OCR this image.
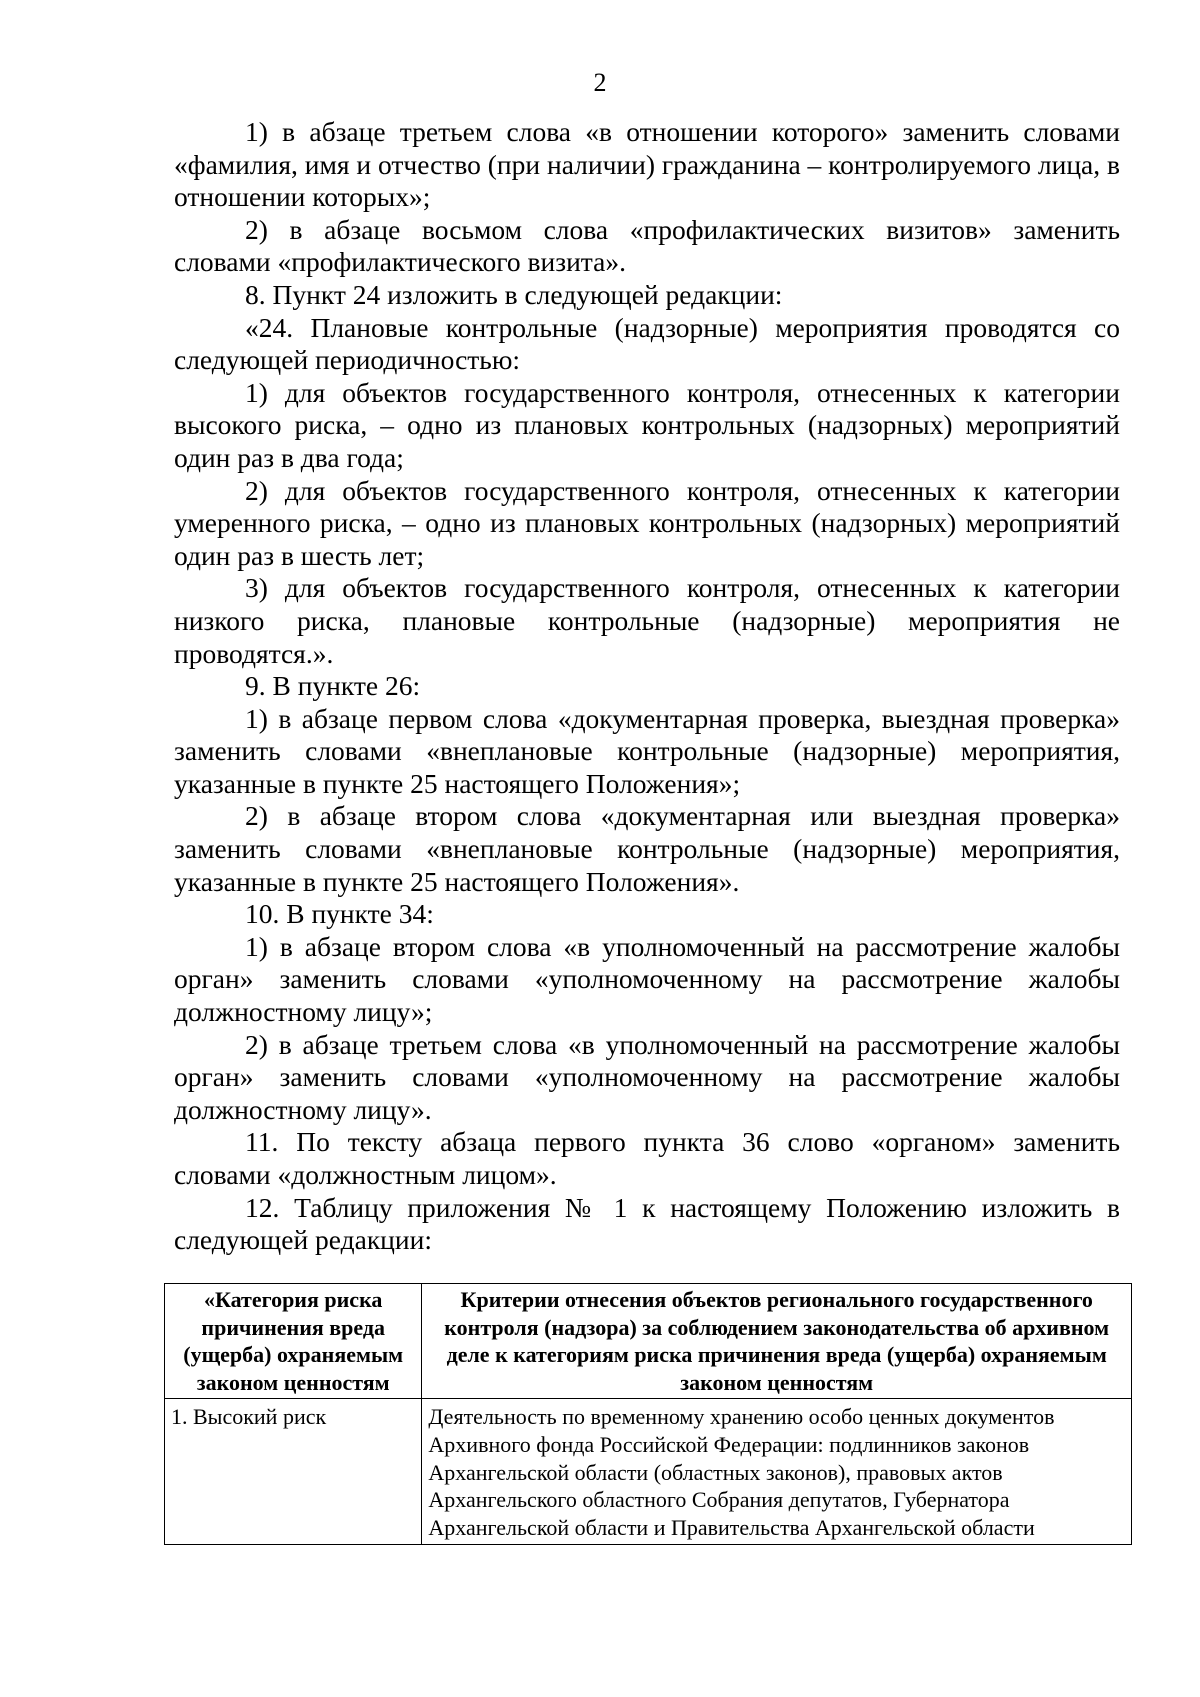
2

1) в абзаце третьем слова «в отношении которого» заменить словами «фамилия, имя и отчество (при наличии) гражданина – контролируемого лица, в отношении которых»;

2) в абзаце восьмом слова «профилактических визитов» заменить словами «профилактического визита».

8. Пункт 24 изложить в следующей редакции:

«24. Плановые контрольные (надзорные) мероприятия проводятся со следующей периодичностью:

1) для объектов государственного контроля, отнесенных к категории высокого риска, – одно из плановых контрольных (надзорных) мероприятий один раз в два года;

2) для объектов государственного контроля, отнесенных к категории умеренного риска, – одно из плановых контрольных (надзорных) мероприятий один раз в шесть лет;

3) для объектов государственного контроля, отнесенных к категории низкого риска, плановые контрольные (надзорные) мероприятия не проводятся.».

9. В пункте 26:

1) в абзаце первом слова «документарная проверка, выездная проверка» заменить словами «внеплановые контрольные (надзорные) мероприятия, указанные в пункте 25 настоящего Положения»;

2) в абзаце втором слова «документарная или выездная проверка» заменить словами «внеплановые контрольные (надзорные) мероприятия, указанные в пункте 25 настоящего Положения».

10. В пункте 34:

1) в абзаце втором слова «в уполномоченный на рассмотрение жалобы орган» заменить словами «уполномоченному на рассмотрение жалобы должностному лицу»;

2) в абзаце третьем слова «в уполномоченный на рассмотрение жалобы орган» заменить словами «уполномоченному на рассмотрение жалобы должностному лицу».

11. По тексту абзаца первого пункта 36 слово «органом» заменить словами «должностным лицом».

12. Таблицу приложения № 1 к настоящему Положению изложить в следующей редакции:

«Категория риска причинения вреда (ущерба) охраняемым законом ценностям	Критерии отнесения объектов регионального государственного контроля (надзора) за соблюдением законодательства об архивном деле к категориям риска причинения вреда (ущерба) охраняемым законом ценностям
1. Высокий риск	Деятельность по временному хранению особо ценных документов Архивного фонда Российской Федерации: подлинников законов Архангельской области (областных законов), правовых актов Архангельского областного Собрания депутатов, Губернатора Архангельской области и Правительства Архангельской области
